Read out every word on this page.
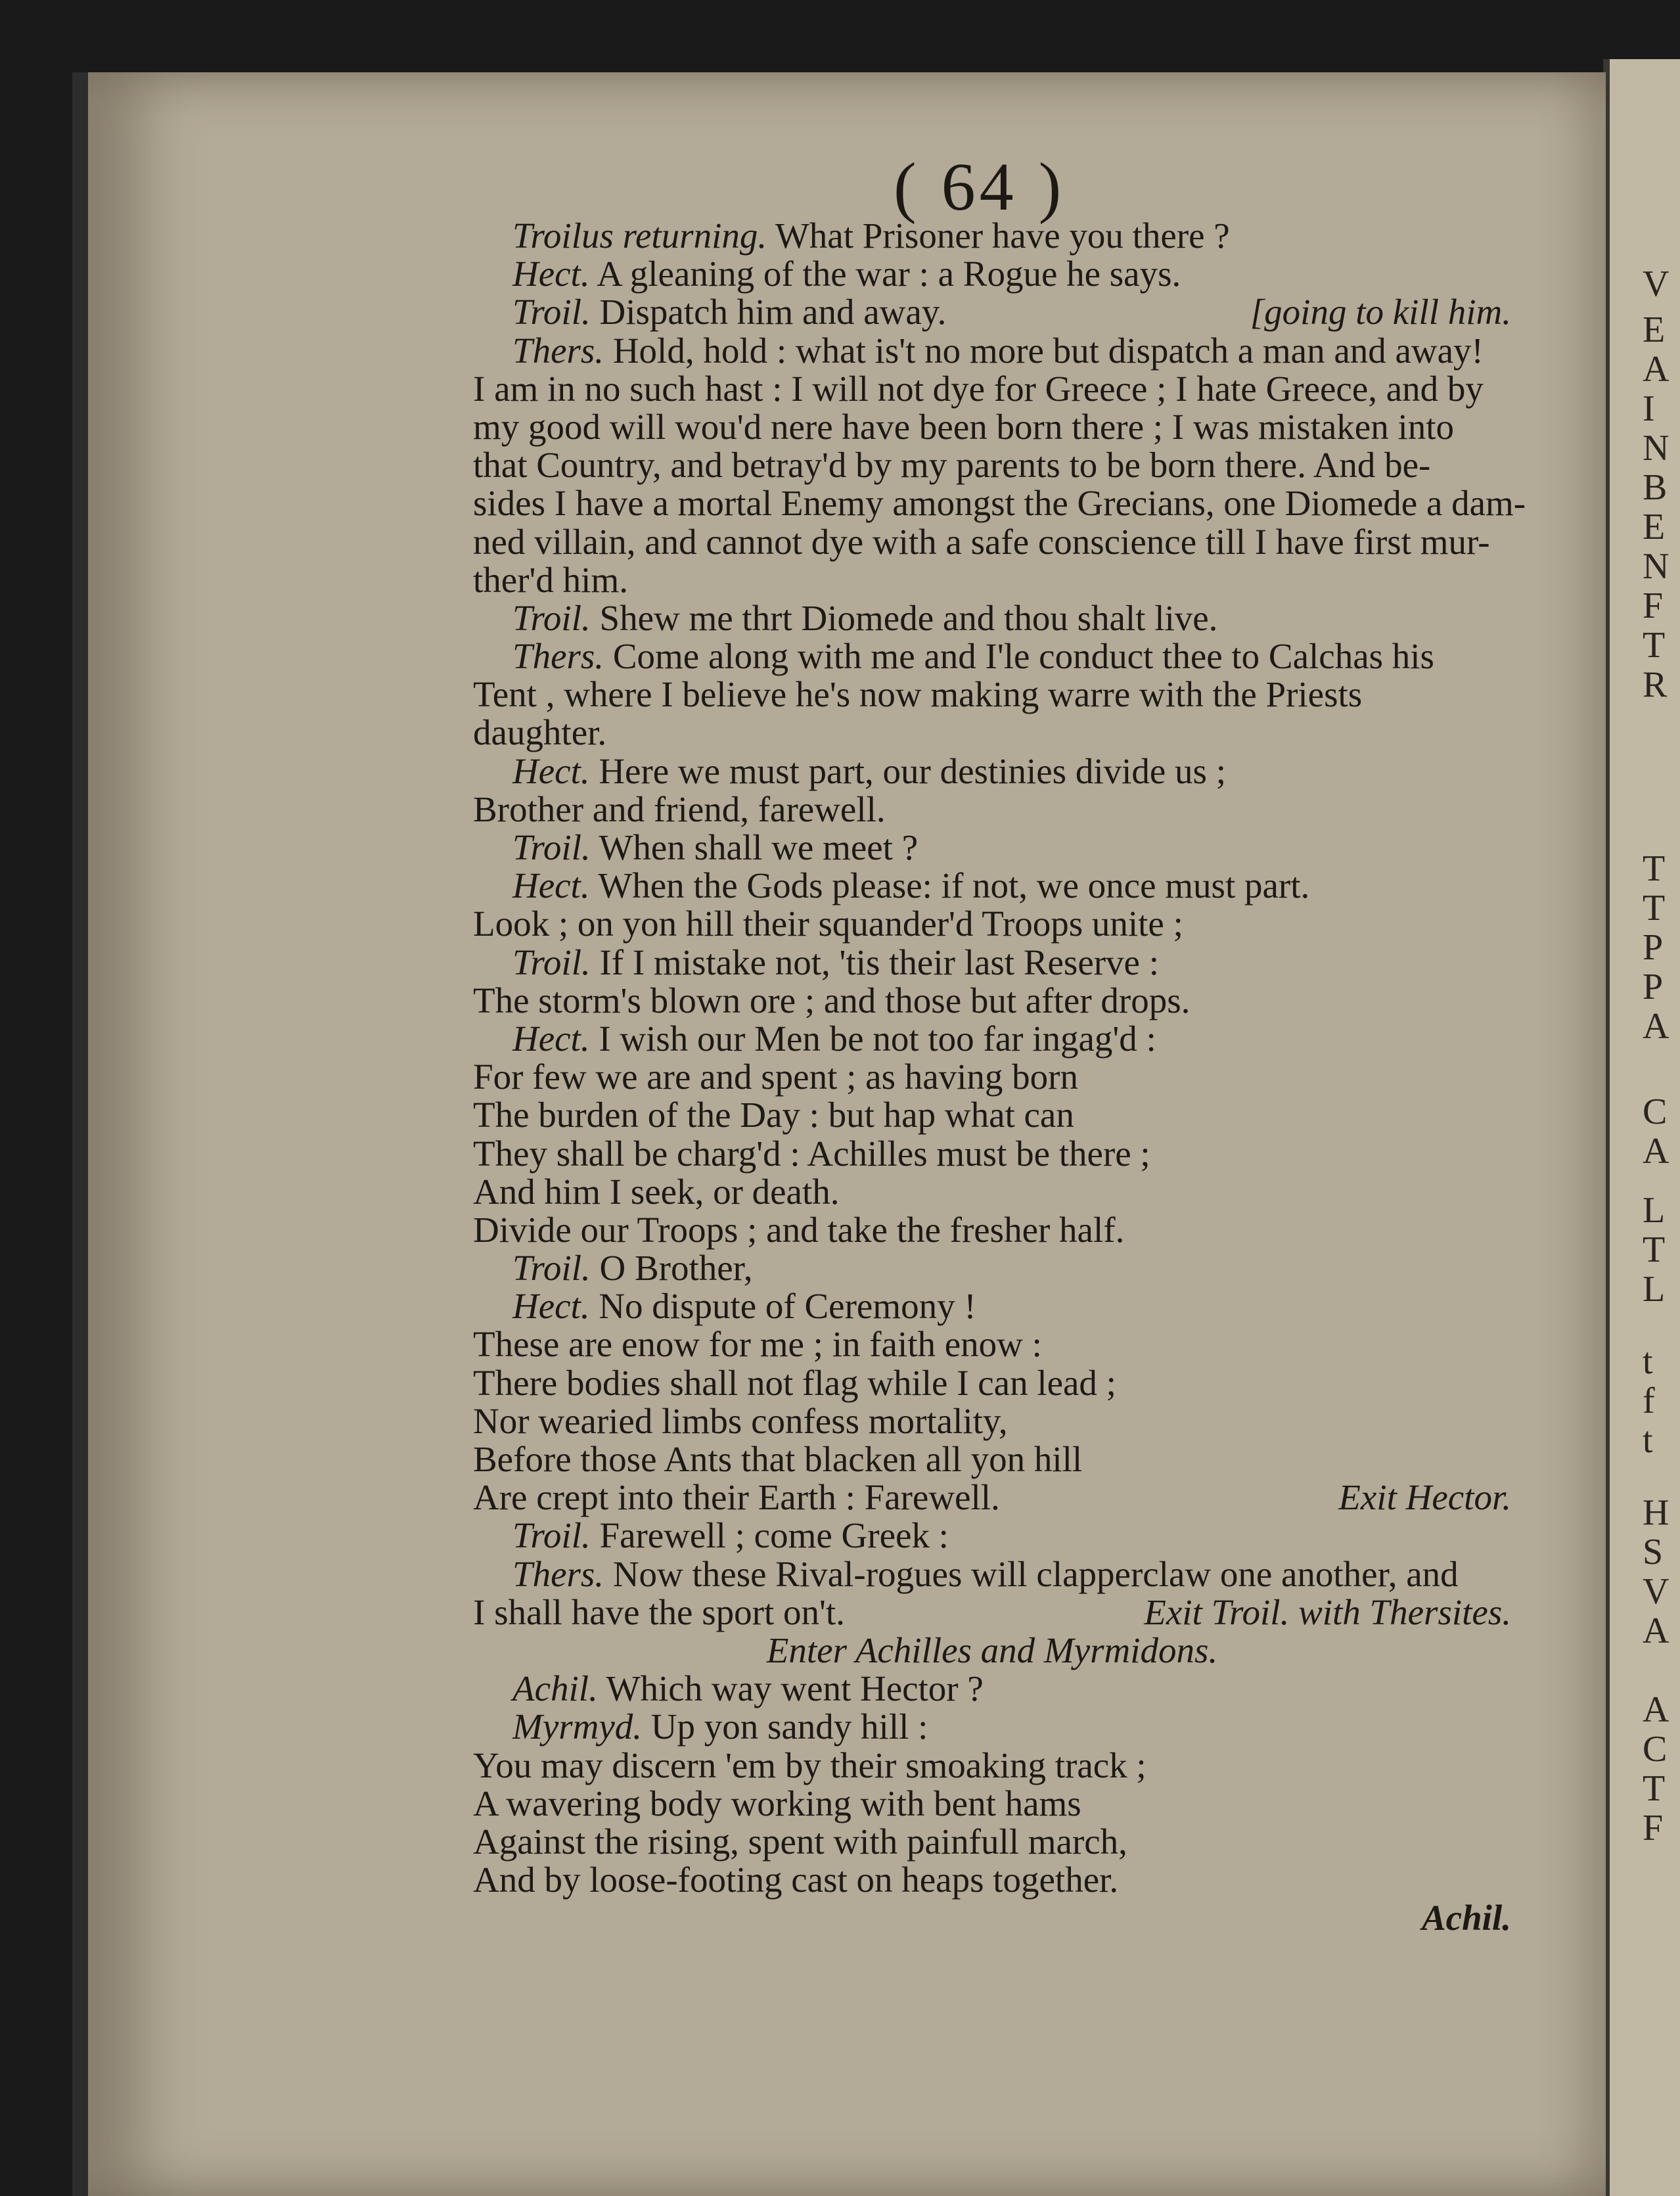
V
E
A
I
N
B
E
N
F
T
R
T
T
P
P
A
C
A
L
T
L
t
f
t
H
S
V
A
A
C
T
F
( 64 )
Troilus returning. What Prisoner have you there ?
Hect. A gleaning of the war : a Rogue he says.
Troil. Dispatch him and away.	[going to kill him.
Thers. Hold, hold : what is't no more but dispatch a man and away!
I am in no such hast : I will not dye for Greece ; I hate Greece, and by
my good will wou'd nere have been born there ; I was mistaken into
that Country, and betray'd by my parents to be born there. And be-
sides I have a mortal Enemy amongst the Grecians, one Diomede a dam-
ned villain, and cannot dye with a safe conscience till I have first mur-
ther'd him.
Troil. Shew me thrt Diomede and thou shalt live.
Thers. Come along with me and I'le conduct thee to Calchas his
Tent , where I believe he's now making warre with the Priests
daughter.
Hect. Here we must part, our destinies divide us ;
Brother and friend, farewell.
Troil. When shall we meet ?
Hect. When the Gods please: if not, we once must part.
Look ; on yon hill their squander'd Troops unite ;
Troil. If I mistake not, 'tis their last Reserve :
The storm's blown ore ; and those but after drops.
Hect. I wish our Men be not too far ingag'd :
For few we are and spent ; as having born
The burden of the Day : but hap what can
They shall be charg'd : Achilles must be there ;
And him I seek, or death.
Divide our Troops ; and take the fresher half.
Troil. O Brother,
Hect. No dispute of Ceremony !
These are enow for me ; in faith enow :
There bodies shall not flag while I can lead ;
Nor wearied limbs confess mortality,
Before those Ants that blacken all yon hill
Are crept into their Earth : Farewell.	Exit Hector.
Troil. Farewell ; come Greek :
Thers. Now these Rival-rogues will clapperclaw one another, and
I shall have the sport on't.	Exit Troil. with Thersites.
Enter Achilles and Myrmidons.
Achil. Which way went Hector ?
Myrmyd. Up yon sandy hill :
You may discern 'em by their smoaking track ;
A wavering body working with bent hams
Against the rising, spent with painfull march,
And by loose-footing cast on heaps together.
Achil.
